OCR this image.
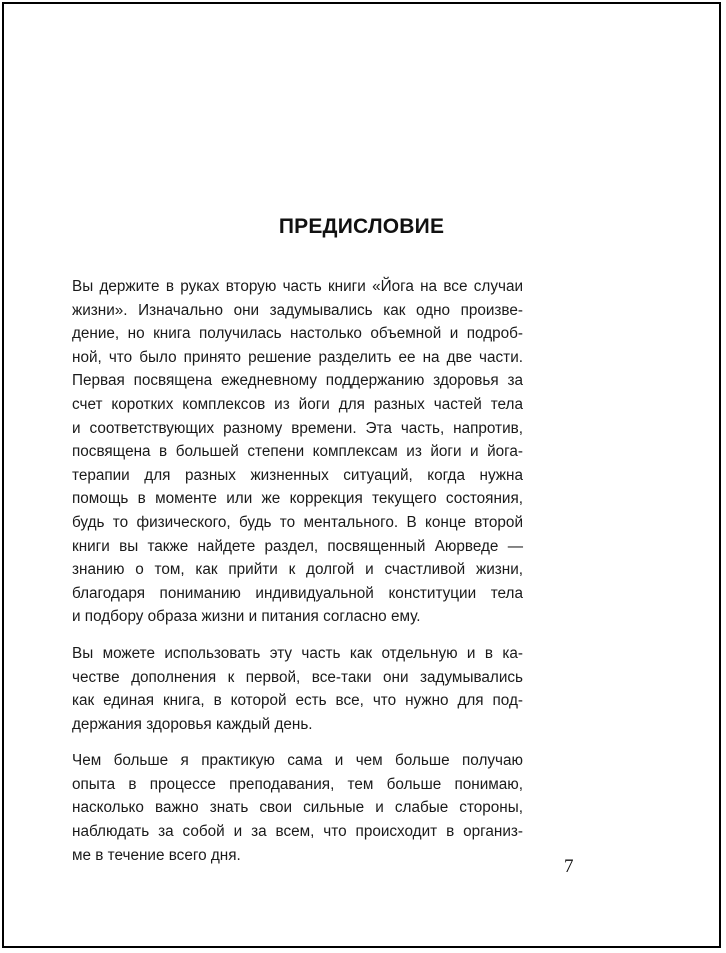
ПРЕДИСЛОВИЕ

Вы держите в руках вторую часть книги «Йога на все случаи
жизни». Изначально они задумывались как одно произве-
дение, но книга получилась настолько объемной и подроб-
ной, что было принято решение разделить ее на две части.
Первая посвящена ежедневному поддержанию здоровья за
счет коротких комплексов из йоги для разных частей тела
и соответствующих разному времени. Эта часть, напротив,
посвящена в большей степени комплексам из йоги и йога-
терапии для разных жизненных ситуаций, когда нужна
помощь в моменте или же коррекция текущего состояния,
будь то физического, будь то ментального. В конце второй
книги вы также найдете раздел, посвященный Аюрведе —
знанию о том, как прийти к долгой и счастливой жизни,
благодаря пониманию индивидуальной конституции тела
и подбору образа жизни и питания согласно ему.

Вы можете использовать эту часть как отдельную и в ка-
честве дополнения к первой, все-таки они задумывались
как единая книга, в которой есть все, что нужно для под-
держания здоровья каждый день.

Чем больше я практикую сама и чем больше получаю
опыта в процессе преподавания, тем больше понимаю,
насколько важно знать свои сильные и слабые стороны,
наблюдать за собой и за всем, что происходит в организ-
ме в течение всего дня.

7
